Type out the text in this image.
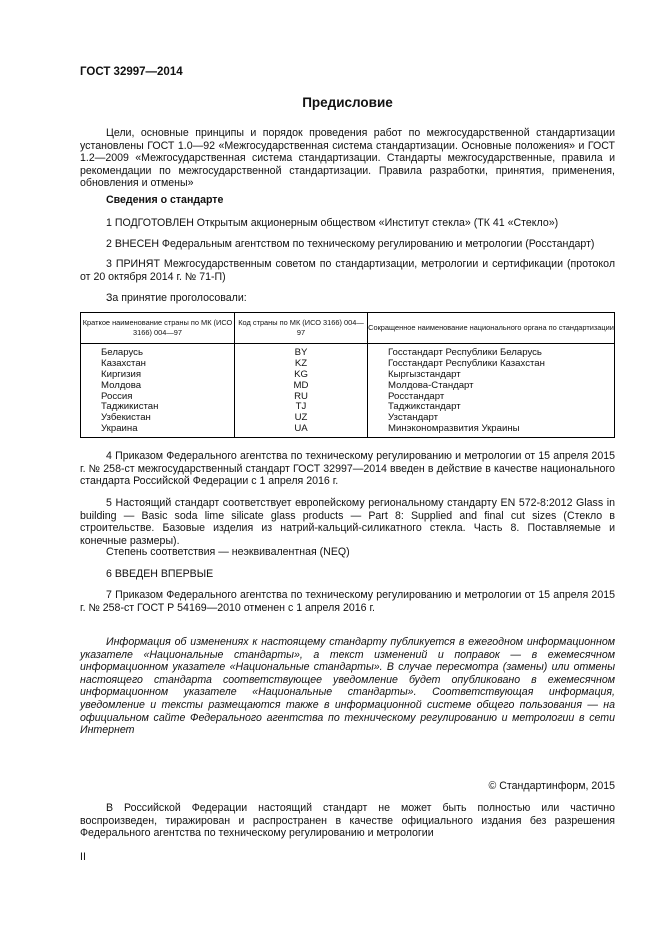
ГОСТ 32997—2014
Предисловие

Цели, основные принципы и порядок проведения работ по межгосударственной стандартизации установлены ГОСТ 1.0—92 «Межгосударственная система стандартизации. Основные положения» и ГОСТ 1.2—2009 «Межгосударственная система стандартизации. Стандарты межгосударственные, правила и рекомендации по межгосударственной стандартизации. Правила разработки, принятия, применения, обновления и отмены»

Сведения о стандарте

1 ПОДГОТОВЛЕН Открытым акционерным обществом «Институт стекла» (ТК 41 «Стекло»)

2 ВНЕСЕН Федеральным агентством по техническому регулированию и метрологии (Росстандарт)

3 ПРИНЯТ Межгосударственным советом по стандартизации, метрологии и сертификации (протокол от 20 октября 2014 г. № 71-П)

За принятие проголосовали:

Краткое наименование страны по МК (ИСО 3166) 004—97	Код страны по МК (ИСО 3166) 004—97	Сокращенное наименование национального органа по стандартизации
Беларусь	BY	Госстандарт Республики Беларусь
Казахстан	KZ	Госстандарт Республики Казахстан
Киргизия	KG	Кыргызстандарт
Молдова	MD	Молдова-Стандарт
Россия	RU	Росстандарт
Таджикистан	TJ	Таджикстандарт
Узбекистан	UZ	Узстандарт
Украина	UA	Минэкономразвития Украины

4 Приказом Федерального агентства по техническому регулированию и метрологии от 15 апреля 2015 г. № 258-ст межгосударственный стандарт ГОСТ 32997—2014 введен в действие в качестве национального стандарта Российской Федерации с 1 апреля 2016 г.

5 Настоящий стандарт соответствует европейскому региональному стандарту EN 572-8:2012 Glass in building — Basic soda lime silicate glass products — Part 8: Supplied and final cut sizes (Стекло в строительстве. Базовые изделия из натрий-кальций-силикатного стекла. Часть 8. Поставляемые и конечные размеры).

Степень соответствия — неэквивалентная (NEQ)

6 ВВЕДЕН ВПЕРВЫЕ

7 Приказом Федерального агентства по техническому регулированию и метрологии от 15 апреля 2015 г. № 258-ст ГОСТ Р 54169—2010 отменен с 1 апреля 2016 г.

Информация об изменениях к настоящему стандарту публикуется в ежегодном информационном указателе «Национальные стандарты», а текст изменений и поправок — в ежемесячном информационном указателе «Национальные стандарты». В случае пересмотра (замены) или отмены настоящего стандарта соответствующее уведомление будет опубликовано в ежемесячном информационном указателе «Национальные стандарты». Соответствующая информация, уведомление и тексты размещаются также в информационной системе общего пользования — на официальном сайте Федерального агентства по техническому регулированию и метрологии в сети Интернет

© Стандартинформ, 2015

В Российской Федерации настоящий стандарт не может быть полностью или частично воспроизведен, тиражирован и распространен в качестве официального издания без разрешения Федерального агентства по техническому регулированию и метрологии

II
